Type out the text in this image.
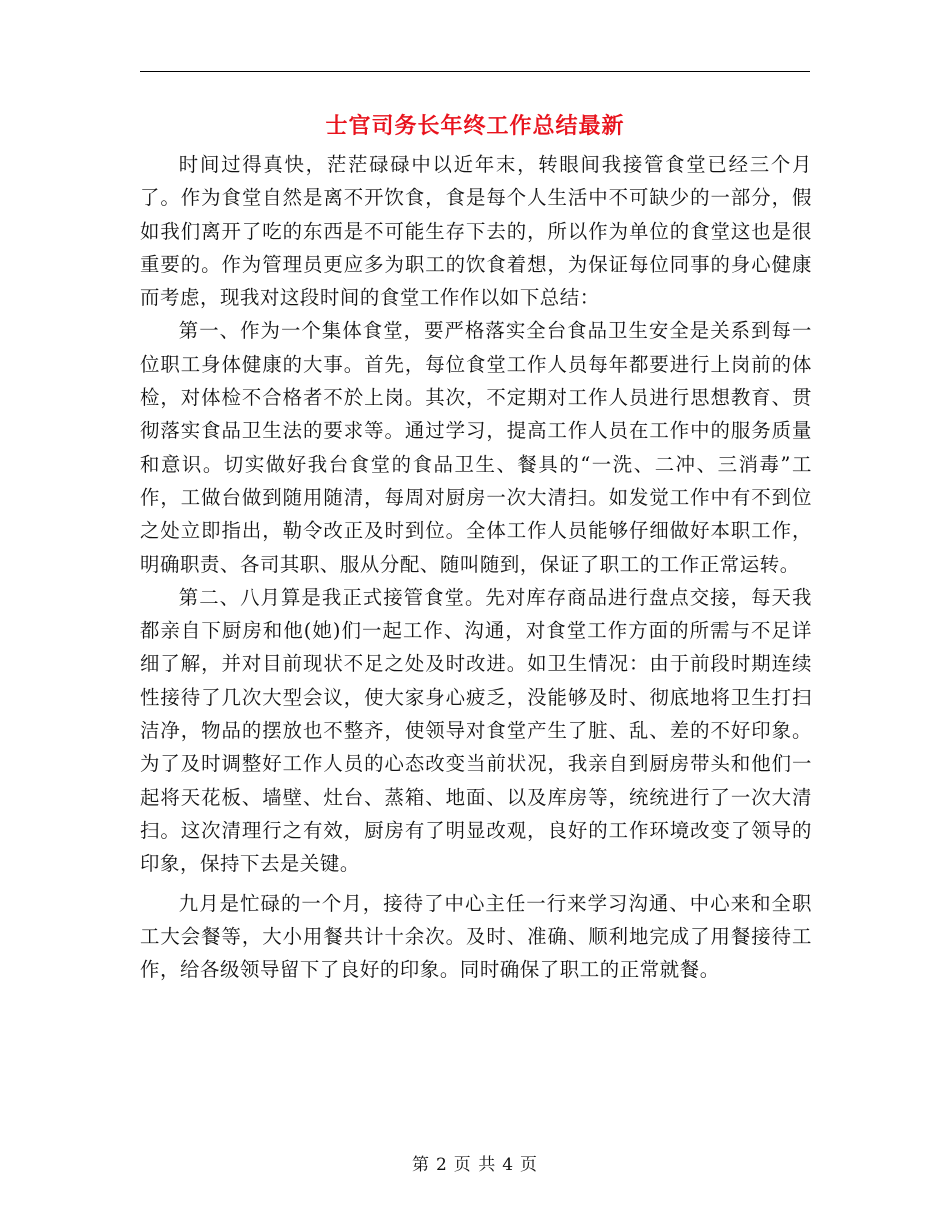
士官司务长年终工作总结最新

时间过得真快，茫茫碌碌中以近年末，转眼间我接管食堂已经三个月了。作为食堂自然是离不开饮食，食是每个人生活中不可缺少的一部分，假如我们离开了吃的东西是不可能生存下去的，所以作为单位的食堂这也是很重要的。作为管理员更应多为职工的饮食着想，为保证每位同事的身心健康而考虑，现我对这段时间的食堂工作作以如下总结：

第一、作为一个集体食堂，要严格落实全台食品卫生安全是关系到每一位职工身体健康的大事。首先，每位食堂工作人员每年都要进行上岗前的体检，对体检不合格者不於上岗。其次，不定期对工作人员进行思想教育、贯彻落实食品卫生法的要求等。通过学习，提高工作人员在工作中的服务质量和意识。切实做好我台食堂的食品卫生、餐具的“一洗、二冲、三消毒”工作，工做台做到随用随清，每周对厨房一次大清扫。如发觉工作中有不到位之处立即指出，勒令改正及时到位。全体工作人员能够仔细做好本职工作，明确职责、各司其职、服从分配、随叫随到，保证了职工的工作正常运转。

第二、八月算是我正式接管食堂。先对库存商品进行盘点交接，每天我都亲自下厨房和他(她)们一起工作、沟通，对食堂工作方面的所需与不足详细了解，并对目前现状不足之处及时改进。如卫生情况：由于前段时期连续性接待了几次大型会议，使大家身心疲乏，没能够及时、彻底地将卫生打扫洁净，物品的摆放也不整齐，使领导对食堂产生了脏、乱、差的不好印象。为了及时调整好工作人员的心态改变当前状况，我亲自到厨房带头和他们一起将天花板、墙壁、灶台、蒸箱、地面、以及库房等，统统进行了一次大清扫。这次清理行之有效，厨房有了明显改观，良好的工作环境改变了领导的印象，保持下去是关键。

九月是忙碌的一个月，接待了中心主任一行来学习沟通、中心来和全职工大会餐等，大小用餐共计十余次。及时、准确、顺利地完成了用餐接待工作，给各级领导留下了良好的印象。同时确保了职工的正常就餐。

第 2 页 共 4 页
